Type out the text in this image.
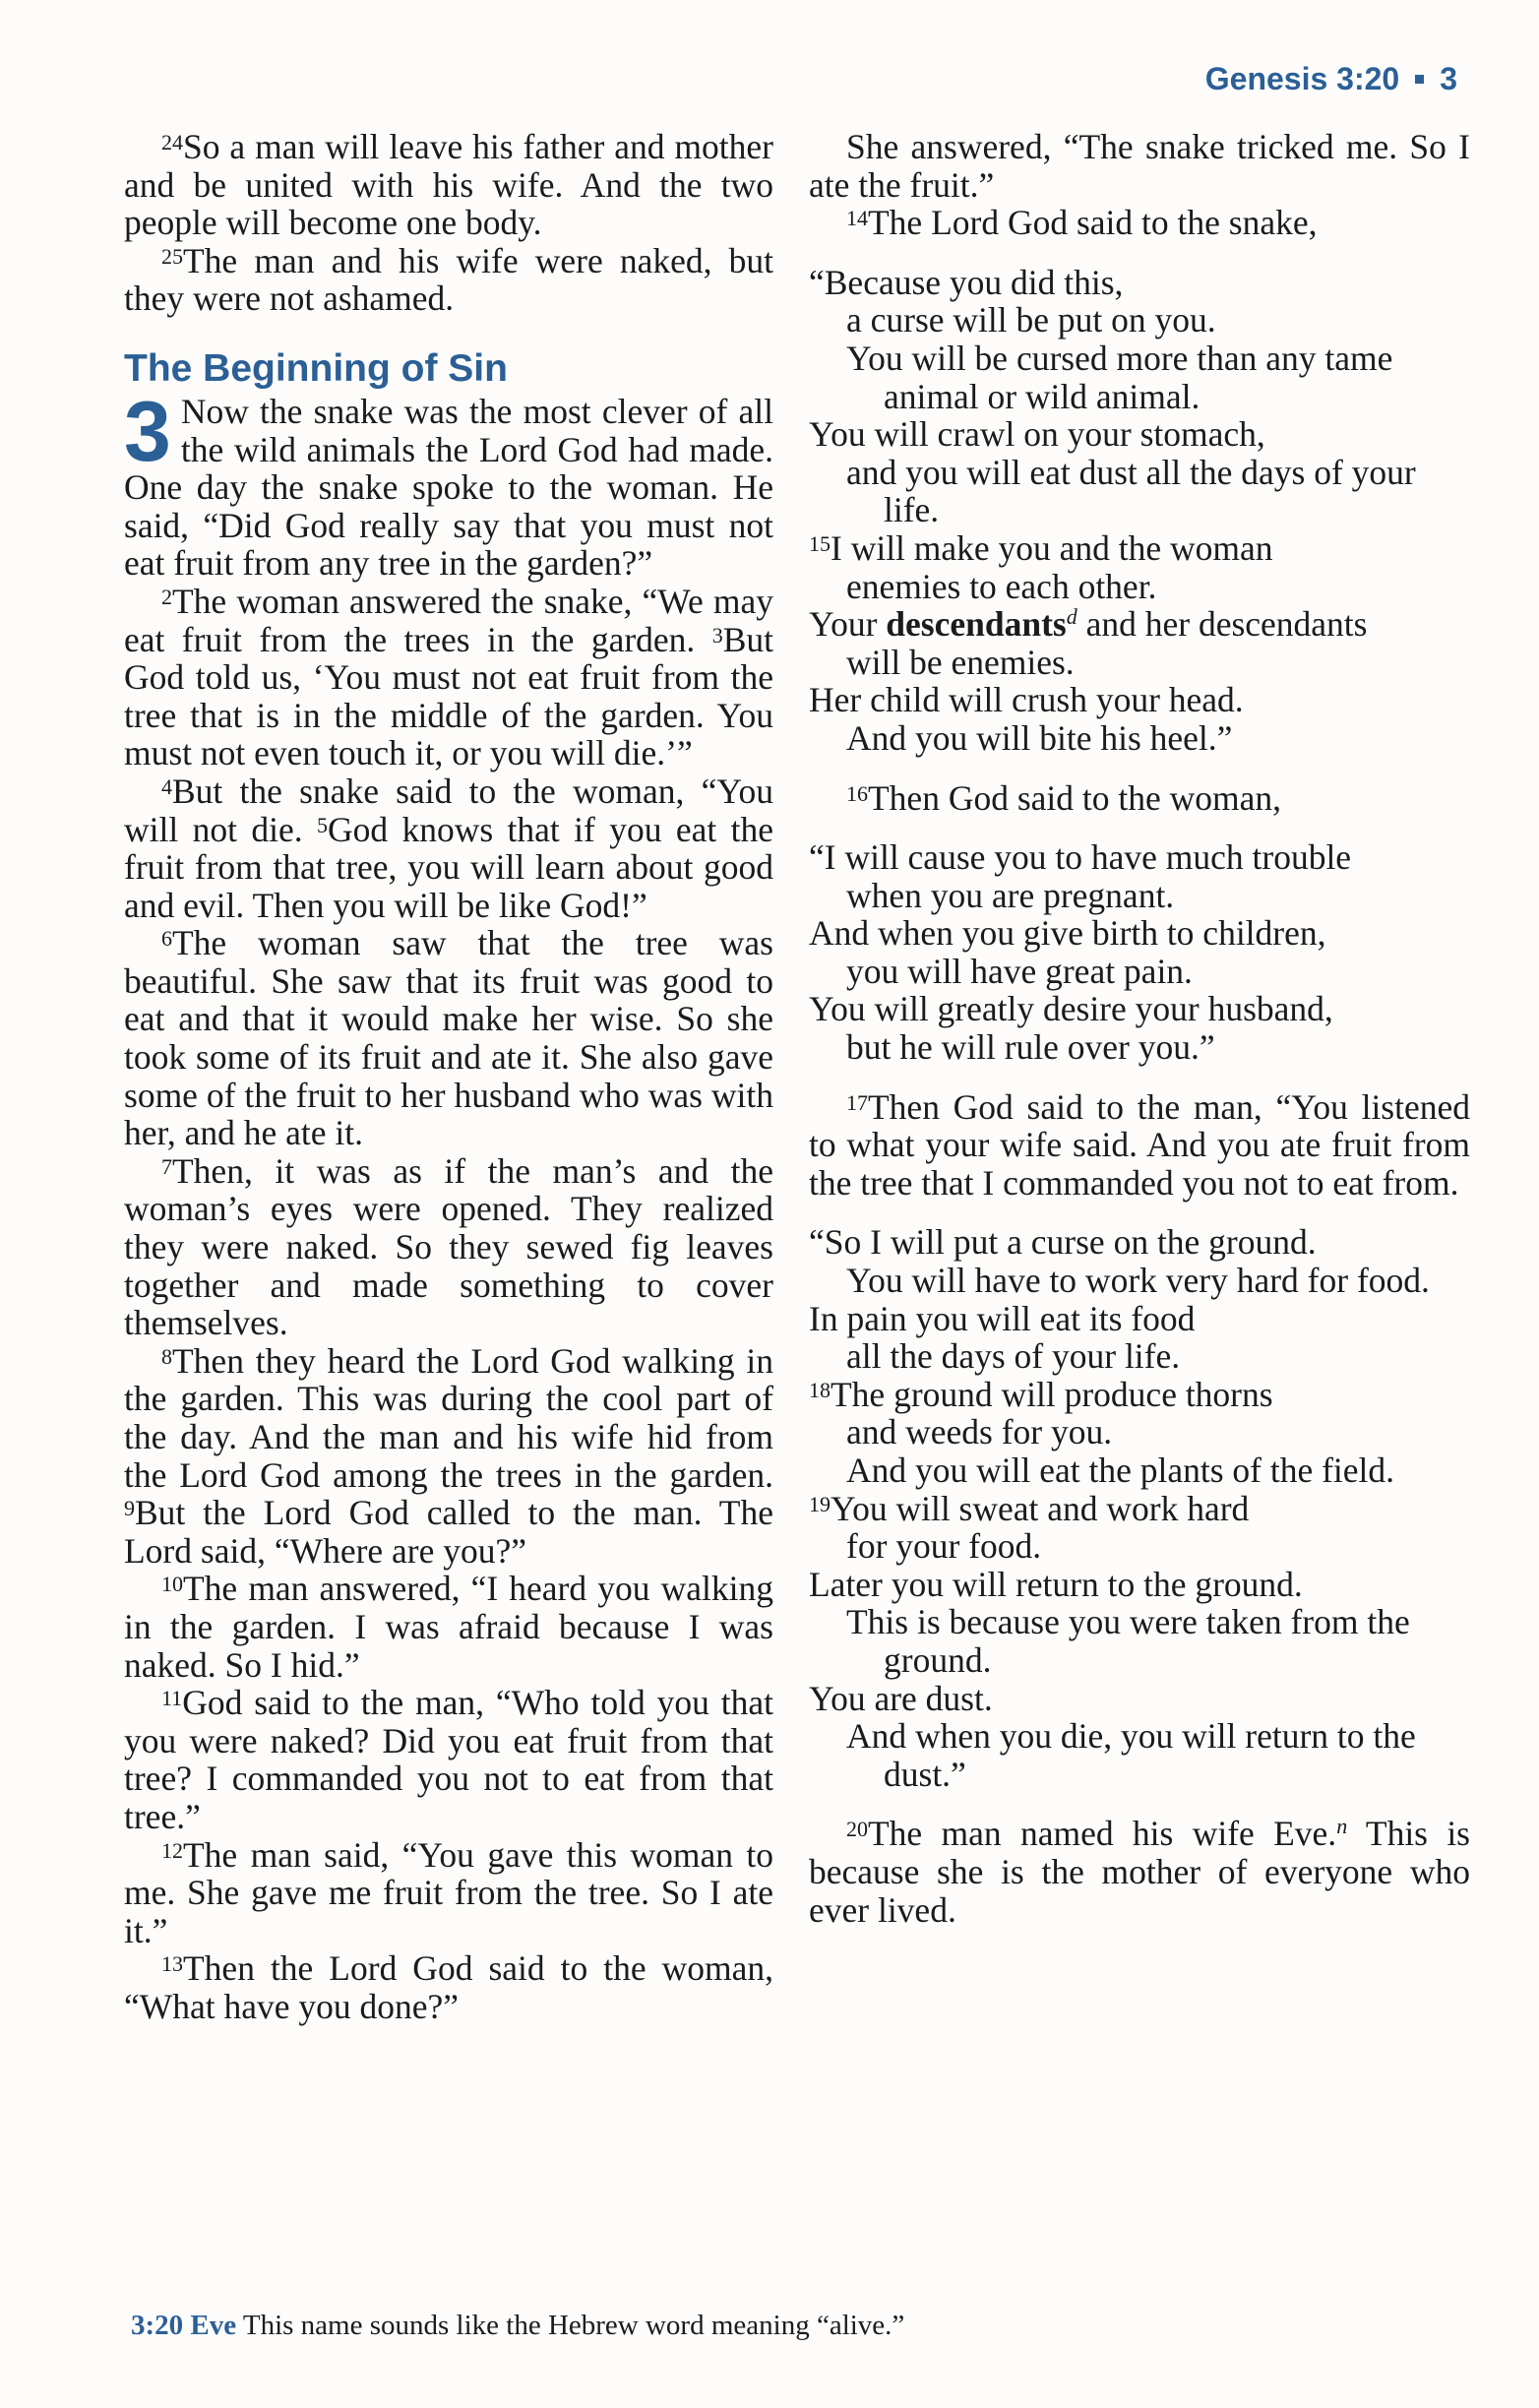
Genesis 3:20 3

$^{24}$So a man will leave his father and mother and be united with his wife. And the two people will become one body.

$^{25}$The man and his wife were naked, but they were not ashamed.

The Beginning of Sin

3 Now the snake was the most clever of all the wild animals the Lord God had made. One day the snake spoke to the woman. He said, “Did God really say that you must not eat fruit from any tree in the garden?”

$^2$The woman answered the snake, “We may eat fruit from the trees in the garden. $^3$But God told us, ‘You must not eat fruit from the tree that is in the middle of the garden. You must not even touch it, or you will die.’”

$^4$But the snake said to the woman, “You will not die. $^5$God knows that if you eat the fruit from that tree, you will learn about good and evil. Then you will be like God!”

$^6$The woman saw that the tree was beautiful. She saw that its fruit was good to eat and that it would make her wise. So she took some of its fruit and ate it. She also gave some of the fruit to her husband who was with her, and he ate it.

$^7$Then, it was as if the man’s and the woman’s eyes were opened. They realized they were naked. So they sewed fig leaves together and made something to cover themselves.

$^8$Then they heard the Lord God walking in the garden. This was during the cool part of the day. And the man and his wife hid from the Lord God among the trees in the garden. $^9$But the Lord God called to the man. The Lord said, “Where are you?”

$^{10}$The man answered, “I heard you walking in the garden. I was afraid because I was naked. So I hid.”

$^{11}$God said to the man, “Who told you that you were naked? Did you eat fruit from that tree? I commanded you not to eat from that tree.”

$^{12}$The man said, “You gave this woman to me. She gave me fruit from the tree. So I ate it.”

$^{13}$Then the Lord God said to the woman, “What have you done?”

She answered, “The snake tricked me. So I ate the fruit.”

$^{14}$The Lord God said to the snake,

“Because you did this,

a curse will be put on you.

You will be cursed more than any tame animal or wild animal.

You will crawl on your stomach,

and you will eat dust all the days of your life.

$^{15}$I will make you and the woman

enemies to each other.

Your descendants$^d$ and her descendants

will be enemies.

Her child will crush your head.

And you will bite his heel.”

$^{16}$Then God said to the woman,

“I will cause you to have much trouble

when you are pregnant.

And when you give birth to children,

you will have great pain.

You will greatly desire your husband,

but he will rule over you.”

$^{17}$Then God said to the man, “You listened to what your wife said. And you ate fruit from the tree that I commanded you not to eat from.

“So I will put a curse on the ground.

You will have to work very hard for food.

In pain you will eat its food

all the days of your life.

$^{18}$The ground will produce thorns

and weeds for you.

And you will eat the plants of the field.

$^{19}$You will sweat and work hard

for your food.

Later you will return to the ground.

This is because you were taken from the ground.

You are dust.

And when you die, you will return to the dust.”

$^{20}$The man named his wife Eve.$^n$ This is because she is the mother of everyone who ever lived.

3:20 Eve This name sounds like the Hebrew word meaning “alive.”
